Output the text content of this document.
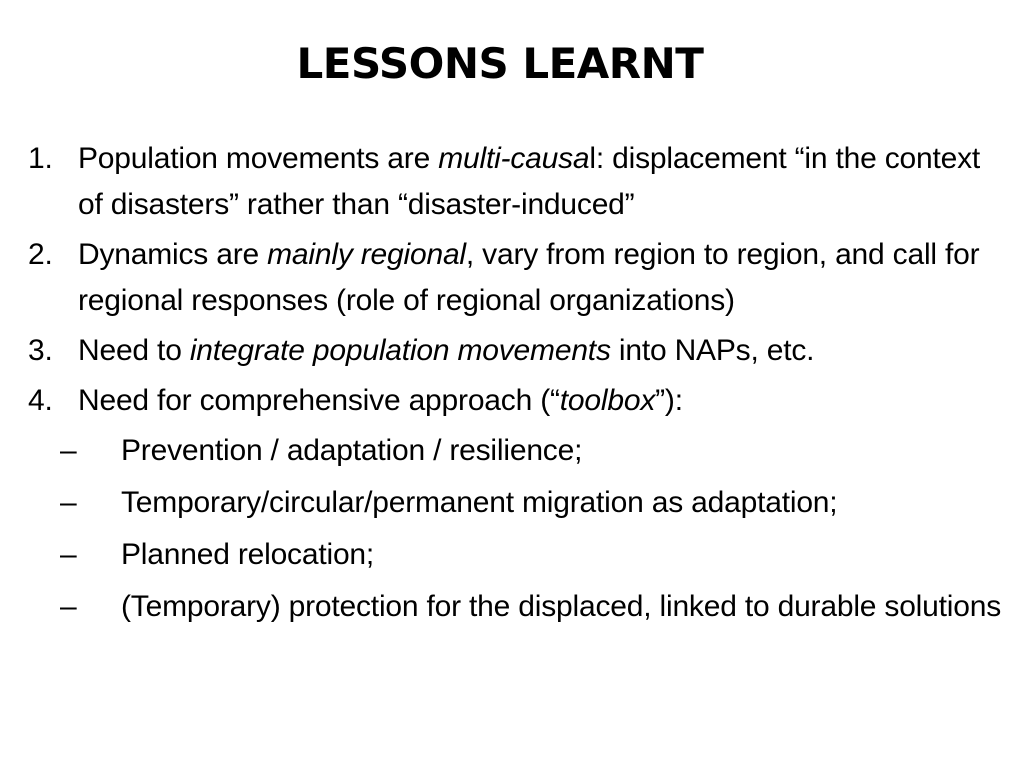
LESSONS LEARNT
1. Population movements are multi-causal: displacement “in the context of disasters” rather than “disaster-induced”
2. Dynamics are mainly regional, vary from region to region, and call for regional responses (role of regional organizations)
3. Need to integrate population movements into NAPs, etc.
4. Need for comprehensive approach (“toolbox”):
– Prevention / adaptation / resilience;
– Temporary/circular/permanent migration as adaptation;
– Planned relocation;
– (Temporary) protection for the displaced, linked to durable solutions
